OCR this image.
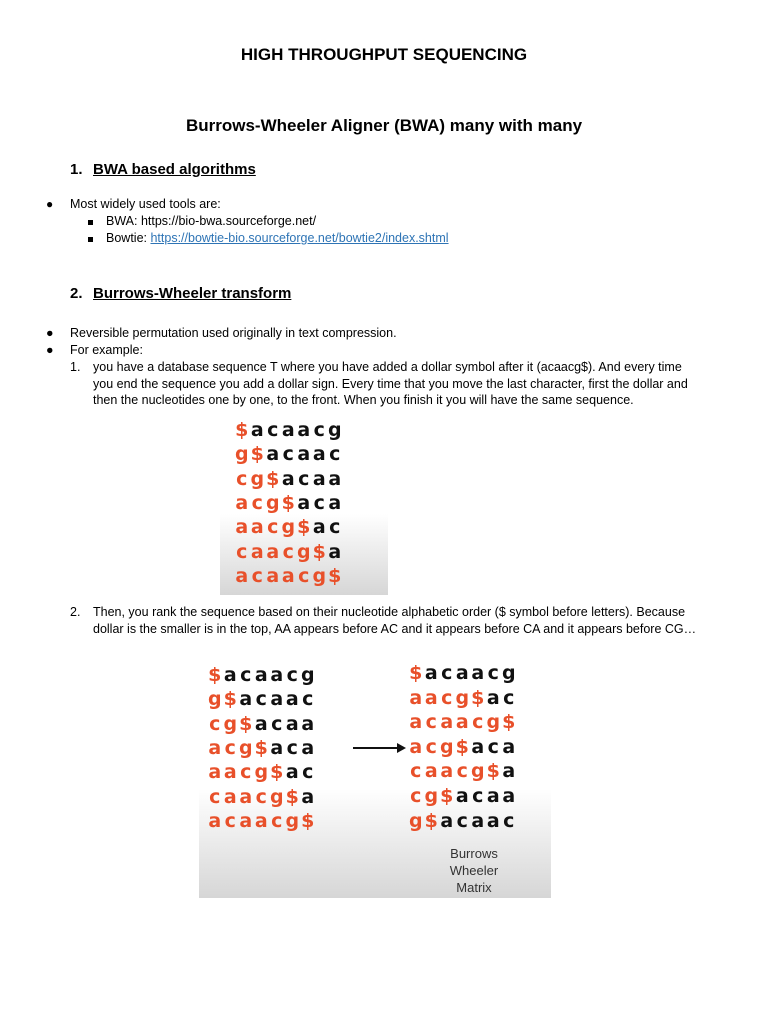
HIGH THROUGHPUT SEQUENCING
Burrows-Wheeler Aligner (BWA) many with many
1. BWA based algorithms
● Most widely used tools are:
BWA: https://bio-bwa.sourceforge.net/
Bowtie: https://bowtie-bio.sourceforge.net/bowtie2/index.shtml
2. Burrows-Wheeler transform
● Reversible permutation used originally in text compression.
● For example:
1. you have a database sequence T where you have added a dollar symbol after it (acaacg$). And every time
you end the sequence you add a dollar sign. Every time that you move the last character, first the dollar and
then the nucleotides one by one, to the front. When you finish it you will have the same sequence.
$ a c a a c g
g $ a c a a c
c g $ a c a a
a c g $ a c a
a a c g $ a c
c a a c g $ a
a c a a c g $
2. Then, you rank the sequence based on their nucleotide alphabetic order ($ symbol before letters). Because
dollar is the smaller is in the top, AA appears before AC and it appears before CA and it appears before CG…
$ a c a a c g
g $ a c a a c
c g $ a c a a
a c g $ a c a
a a c g $ a c
c a a c g $ a
a c a a c g $
$ a c a a c g
a a c g $ a c
a c a a c g $
a c g $ a c a
c a a c g $ a
c g $ a c a a
g $ a c a a c
Burrows
Wheeler
Matrix
